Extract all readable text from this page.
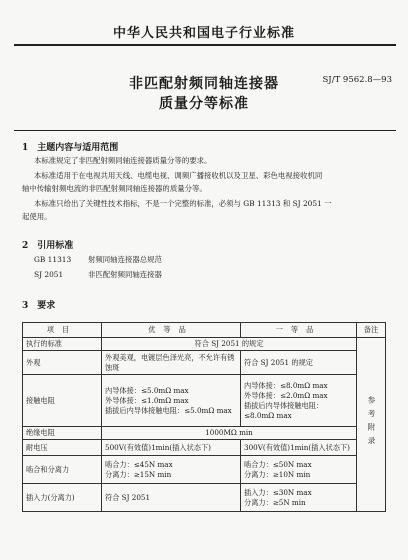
中华人民共和国电子行业标准
非匹配射频同轴连接器
质量分等标准
SJ/T 9562.8—93
1　主题内容与适用范围
本标准规定了非匹配射频同轴连接器质量分等的要求。
本标准适用于在电视共用天线、电缆电视、调频广播接收机以及卫星、彩色电视接收机同
轴中传输射频电流的非匹配射频同轴连接器的质量分等。
本标准只给出了关键性技术指标，不是一个完整的标准，必须与 GB 11313 和 SJ 2051 一
起使用。
2　引用标准
GB 11313 射频同轴连接器总规范
SJ 2051	非匹配射频同轴连接器
3　要求
项目	优等品	一等品	备注
执行的标准	符合 SJ 2051 的规定		参考附录
外观	外观美观，电镀层色泽光亮，不允许有锈蚀斑	符合 SJ 2051 的规定	
接触电阻	内导体接：≤5.0mΩ max
外导体接：≤1.0mΩ max
插拔后内导体接触电阻：≤5.0mΩ max	内导体接：≤8.0mΩ max
外导体接：≤2.0mΩ max
插拔后内导体接触电阻：≤8.0mΩ max	
绝缘电阻	1000MΩ min		
耐电压	500V(有效值)1min(插入状态下)	300V(有效值)1min(插入状态下)	
啮合和分离力	啮合力：≤45N max
分离力：≥15N min	啮合力：≤50N max
分离力：≥10N min	
插入力(分离力)	符合 SJ 2051	插入力：≤30N max
分离力：≥5N min	
